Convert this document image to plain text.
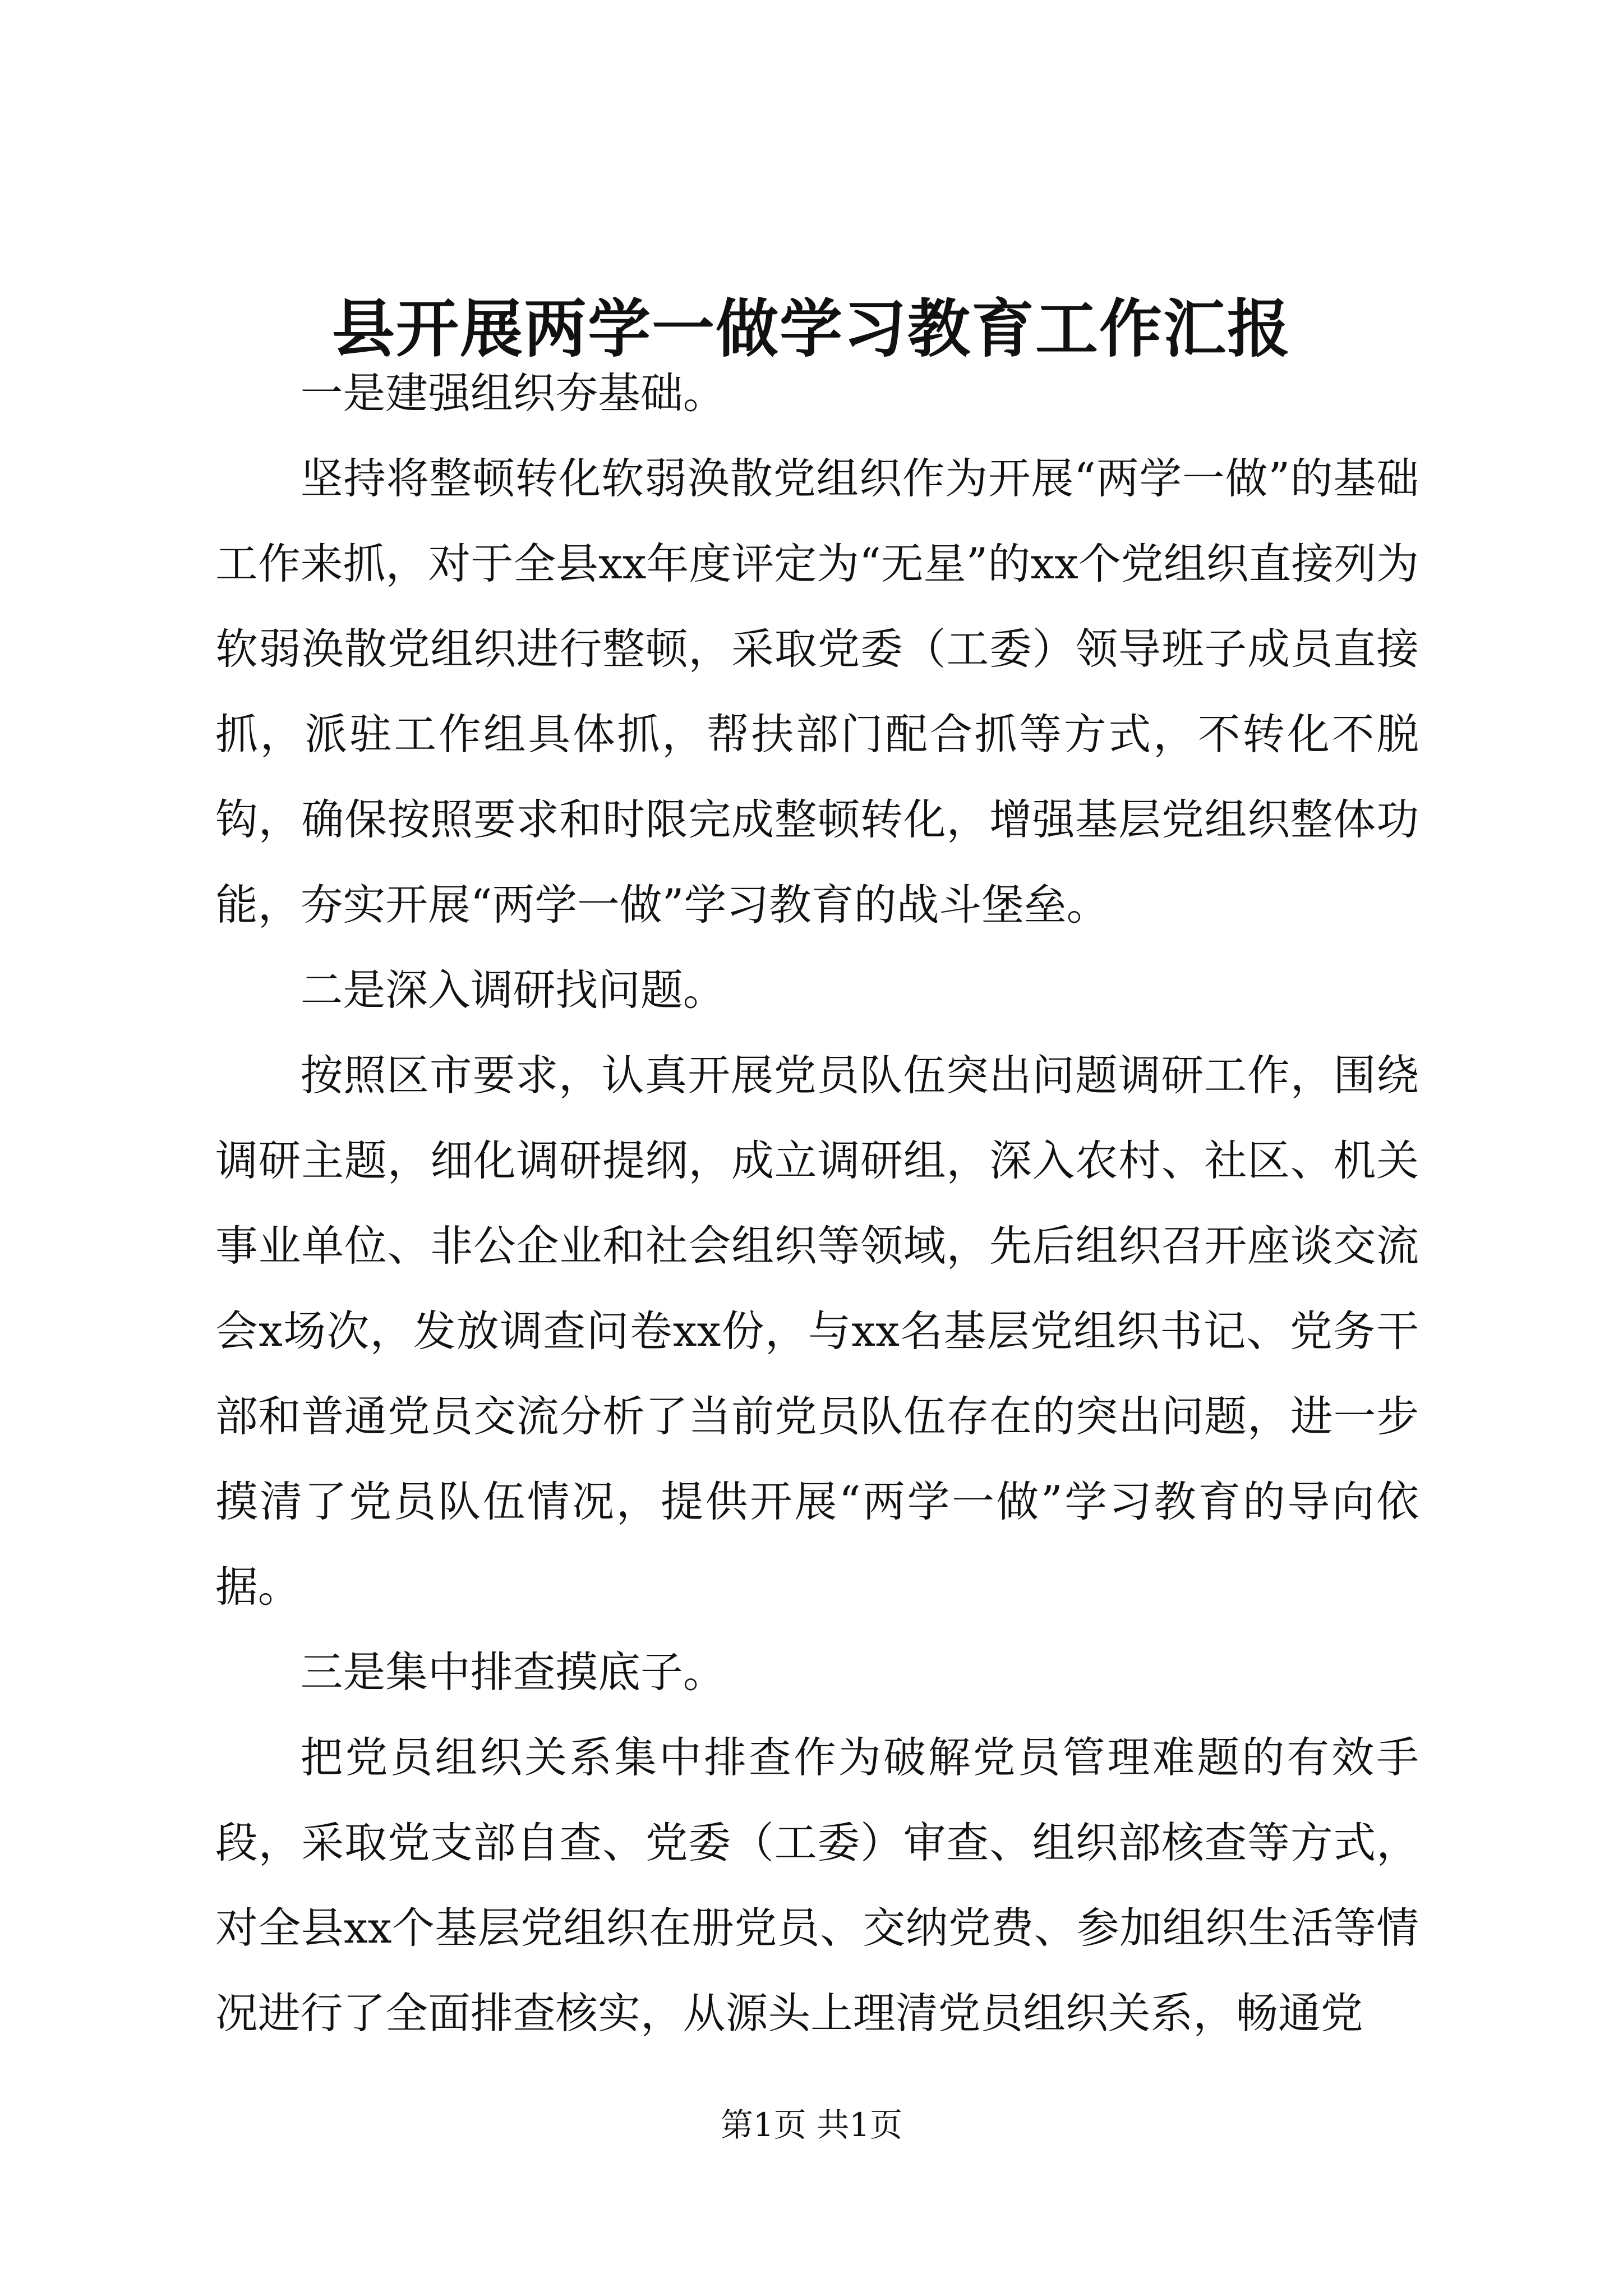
县开展两学一做学习教育工作汇报

一是建强组织夯基础。

坚持将整顿转化软弱涣散党组织作为开展“两学一做”的基础工作来抓，对于全县xx年度评定为“无星”的xx个党组织直接列为软弱涣散党组织进行整顿，采取党委（工委）领导班子成员直接抓，派驻工作组具体抓，帮扶部门配合抓等方式，不转化不脱钩，确保按照要求和时限完成整顿转化，增强基层党组织整体功能，夯实开展“两学一做”学习教育的战斗堡垒。

二是深入调研找问题。

按照区市要求，认真开展党员队伍突出问题调研工作，围绕调研主题，细化调研提纲，成立调研组，深入农村、社区、机关事业单位、非公企业和社会组织等领域，先后组织召开座谈交流会x场次，发放调查问卷xx份，与xx名基层党组织书记、党务干部和普通党员交流分析了当前党员队伍存在的突出问题，进一步摸清了党员队伍情况，提供开展“两学一做”学习教育的导向依据。

三是集中排查摸底子。

把党员组织关系集中排查作为破解党员管理难题的有效手段，采取党支部自查、党委（工委）审查、组织部核查等方式，对全县xx个基层党组织在册党员、交纳党费、参加组织生活等情况进行了全面排查核实，从源头上理清党员组织关系，畅通党

第1页 共1页
